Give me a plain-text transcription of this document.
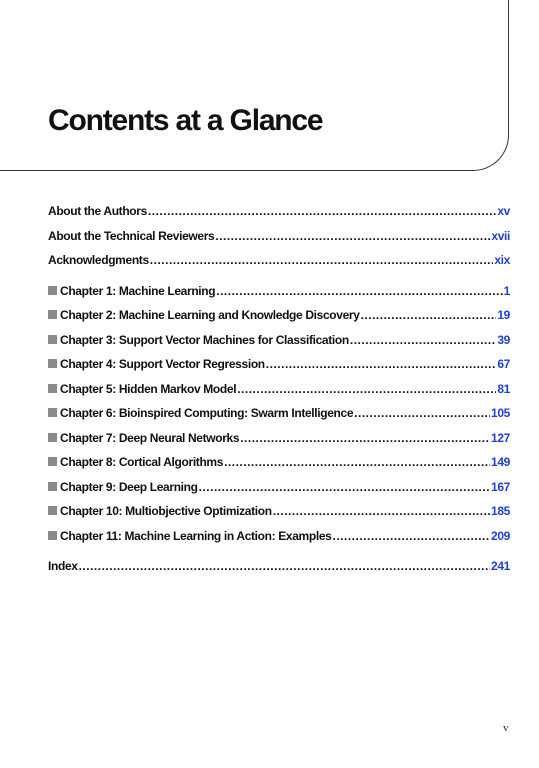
Contents at a Glance
About the Authors .....	xv
About the Technical Reviewers .....	xvii
Acknowledgments .....	xix
Chapter 1: Machine Learning .....	1
Chapter 2: Machine Learning and Knowledge Discovery .....	19
Chapter 3: Support Vector Machines for Classification .....	39
Chapter 4: Support Vector Regression .....	67
Chapter 5: Hidden Markov Model .....	81
Chapter 6: Bioinspired Computing: Swarm Intelligence .....	105
Chapter 7: Deep Neural Networks .....	127
Chapter 8: Cortical Algorithms .....	149
Chapter 9: Deep Learning .....	167
Chapter 10: Multiobjective Optimization .....	185
Chapter 11: Machine Learning in Action: Examples .....	209
Index .....	241
v
